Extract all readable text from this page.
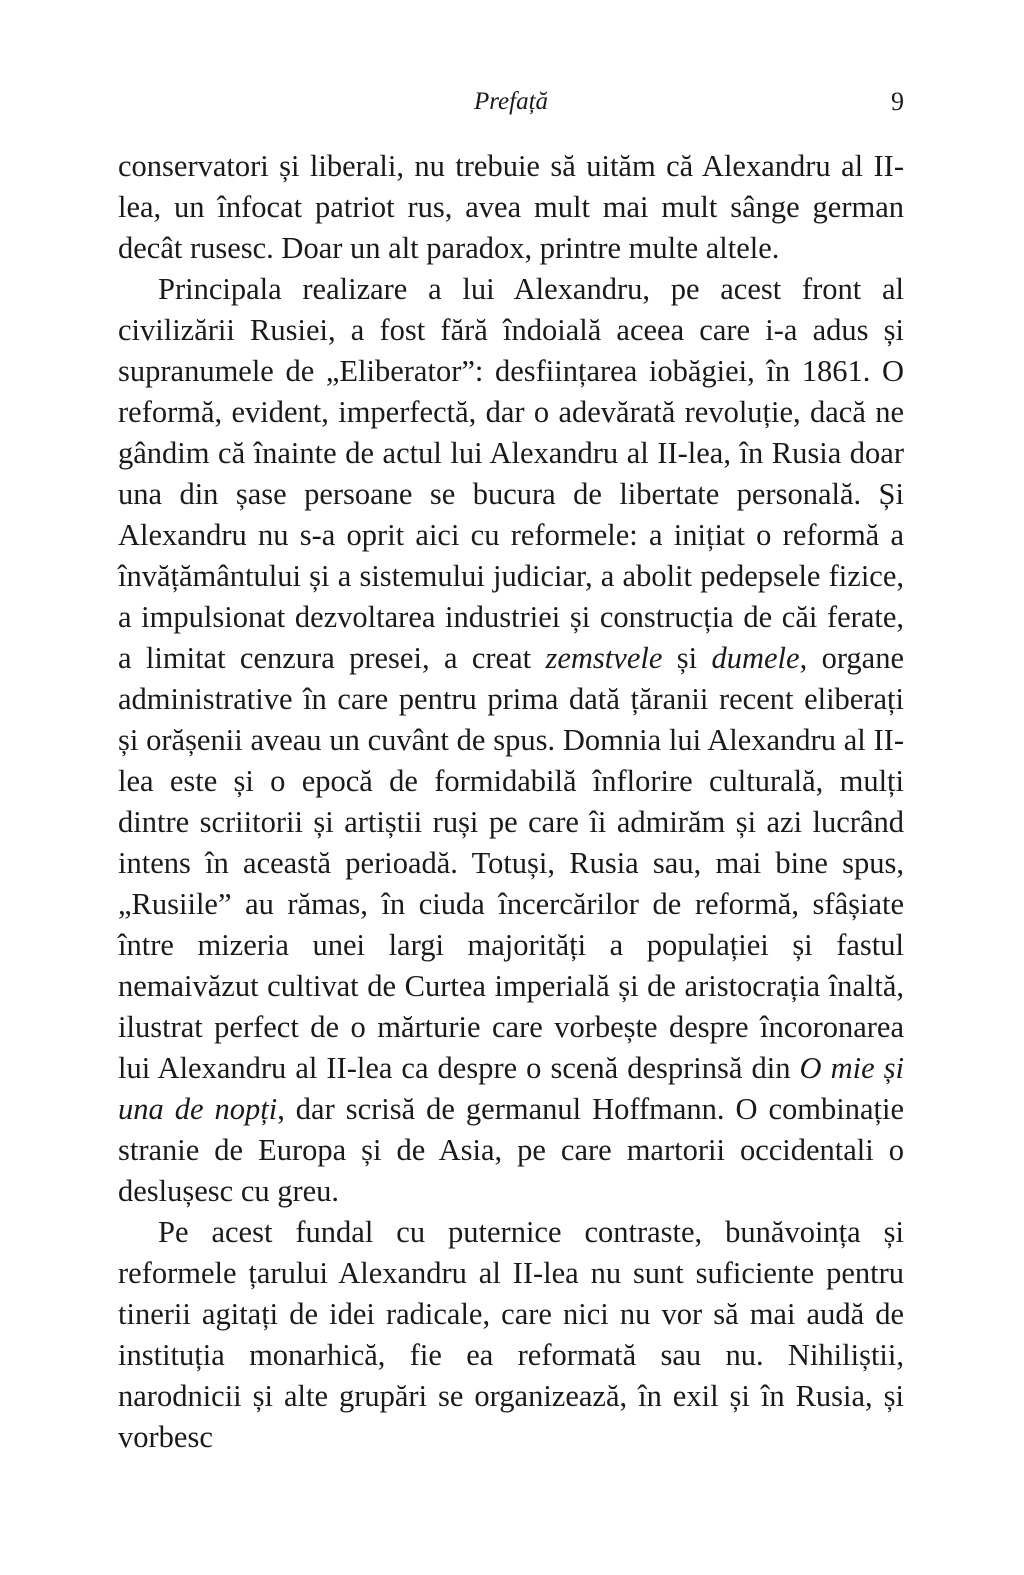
Prefață	9

conservatori și liberali, nu trebuie să uităm că Alexandru al II-lea, un înfocat patriot rus, avea mult mai mult sânge german decât rusesc. Doar un alt paradox, printre multe altele.

Principala realizare a lui Alexandru, pe acest front al civilizării Rusiei, a fost fără îndoială aceea care i-a adus și supranumele de „Eliberator”: desființarea iobăgiei, în 1861. O reformă, evident, imperfectă, dar o adevărată revoluție, dacă ne gândim că înainte de actul lui Alexandru al II-lea, în Rusia doar una din șase persoane se bucura de libertate personală. Și Alexandru nu s-a oprit aici cu reformele: a inițiat o reformă a învățământului și a sistemului judiciar, a abolit pedepsele fizice, a impulsionat dezvoltarea industriei și construcția de căi ferate, a limitat cenzura presei, a creat zemstvele și dumele, organe administrative în care pentru prima dată țăranii recent eliberați și orășenii aveau un cuvânt de spus. Domnia lui Alexandru al II-lea este și o epocă de formidabilă înflorire culturală, mulți dintre scriitorii și artiștii ruși pe care îi admirăm și azi lucrând intens în această perioadă. Totuși, Rusia sau, mai bine spus, „Rusiile” au rămas, în ciuda încercărilor de reformă, sfâșiate între mizeria unei largi majorități a populației și fastul nemaivăzut cultivat de Curtea imperială și de aristocrația înaltă, ilustrat perfect de o mărturie care vorbește despre încoronarea lui Alexandru al II-lea ca despre o scenă desprinsă din O mie și una de nopți, dar scrisă de germanul Hoffmann. O combinație stranie de Europa și de Asia, pe care martorii occidentali o deslușesc cu greu.

Pe acest fundal cu puternice contraste, bunăvoința și reformele țarului Alexandru al II-lea nu sunt suficiente pentru tinerii agitați de idei radicale, care nici nu vor să mai audă de instituția monarhică, fie ea reformată sau nu. Nihiliștii, narodnicii și alte grupări se organizează, în exil și în Rusia, și vorbesc
